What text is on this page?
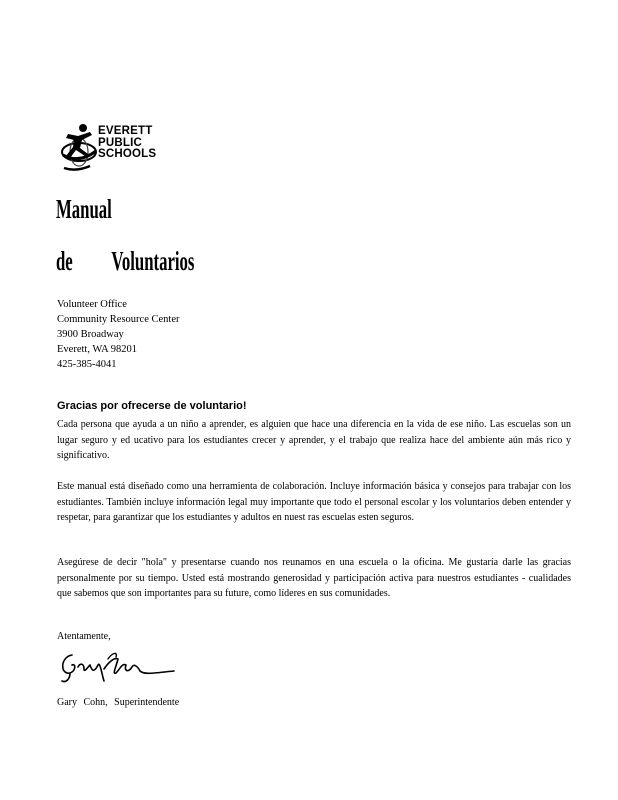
EVERETT
PUBLIC
SCHOOLS
Manual
de Voluntarios
Volunteer Office
Community Resource Center
3900 Broadway
Everett, WA 98201
425-385-4041
Gracias por ofrecerse de voluntario!
Cada persona que ayuda a un niño a aprender, es alguien que hace una diferencia en la vida de ese niño. Las escuelas son un lugar seguro y ed ucativo para los estudiantes crecer y aprender, y el trabajo que realiza hace del ambiente aún más rico y significativo.
Este manual está diseñado como una herramienta de colaboración. Incluye información básica y consejos para trabajar con los estudiantes. También incluye información legal muy importante que todo el personal escolar y los voluntarios deben entender y respetar, para garantizar que los estudiantes y adultos en nuest ras escuelas esten seguros.
Asegúrese de decir "hola" y presentarse cuando nos reunamos en una escuela o la oficina. Me gustaría darle las gracias personalmente por su tiempo. Usted está mostrando generosidad y participación activa para nuestros estudiantes - cualidades que sabemos que son importantes para su future, como líderes en sus comunidades.
Atentamente,
Gary Cohn, Superintendente
